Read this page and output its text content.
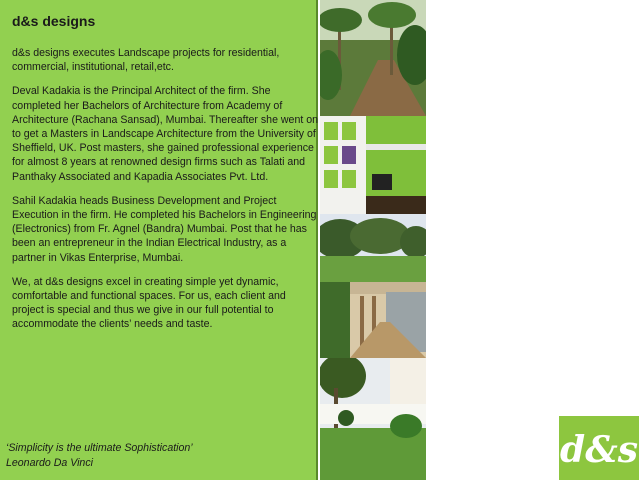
d&s designs

d&s designs executes Landscape projects for residential, commercial, institutional, retail,etc.

Deval Kadakia is the Principal Architect of the firm. She completed her Bachelors of Architecture from Academy of Architecture (Rachana Sansad), Mumbai. Thereafter she went on to get a Masters in Landscape Architecture from the University of Sheffield, UK. Post masters, she gained professional experience for almost 8 years at renowned design firms such as Talati and Panthaky Associated and Kapadia Associates Pvt. Ltd.

Sahil Kadakia heads Business Development and Project Execution in the firm. He completed his Bachelors in Engineering (Electronics) from Fr. Agnel (Bandra) Mumbai. Post that he has been an entrepreneur in the Indian Electrical Industry, as a partner in Vikas Enterprise, Mumbai.

We, at d&s designs excel in creating simple yet dynamic, comfortable and functional spaces. For us, each client and project is special and thus we give in our full potential to accommodate the clients’ needs and taste.

‘Simplicity is the ultimate Sophistication’
Leonardo Da Vinci	d&s
